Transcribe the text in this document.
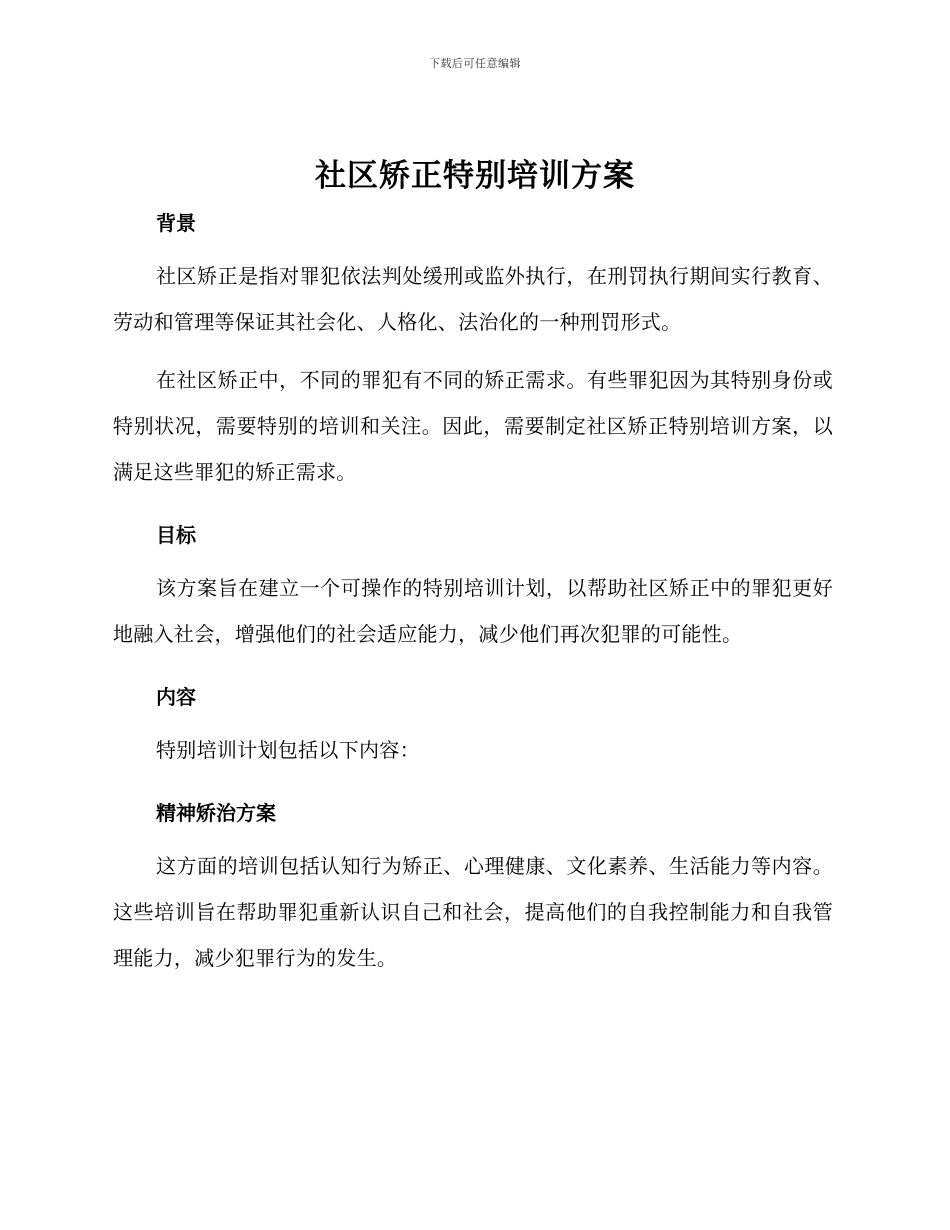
下载后可任意编辑
社区矫正特别培训方案
背景

社区矫正是指对罪犯依法判处缓刑或监外执行，在刑罚执行期间实行教育、劳动和管理等保证其社会化、人格化、法治化的一种刑罚形式。

在社区矫正中，不同的罪犯有不同的矫正需求。有些罪犯因为其特别身份或特别状况，需要特别的培训和关注。因此，需要制定社区矫正特别培训方案，以满足这些罪犯的矫正需求。

目标

该方案旨在建立一个可操作的特别培训计划，以帮助社区矫正中的罪犯更好地融入社会，增强他们的社会适应能力，减少他们再次犯罪的可能性。

内容

特别培训计划包括以下内容：

精神矫治方案

这方面的培训包括认知行为矫正、心理健康、文化素养、生活能力等内容。这些培训旨在帮助罪犯重新认识自己和社会，提高他们的自我控制能力和自我管理能力，减少犯罪行为的发生。
